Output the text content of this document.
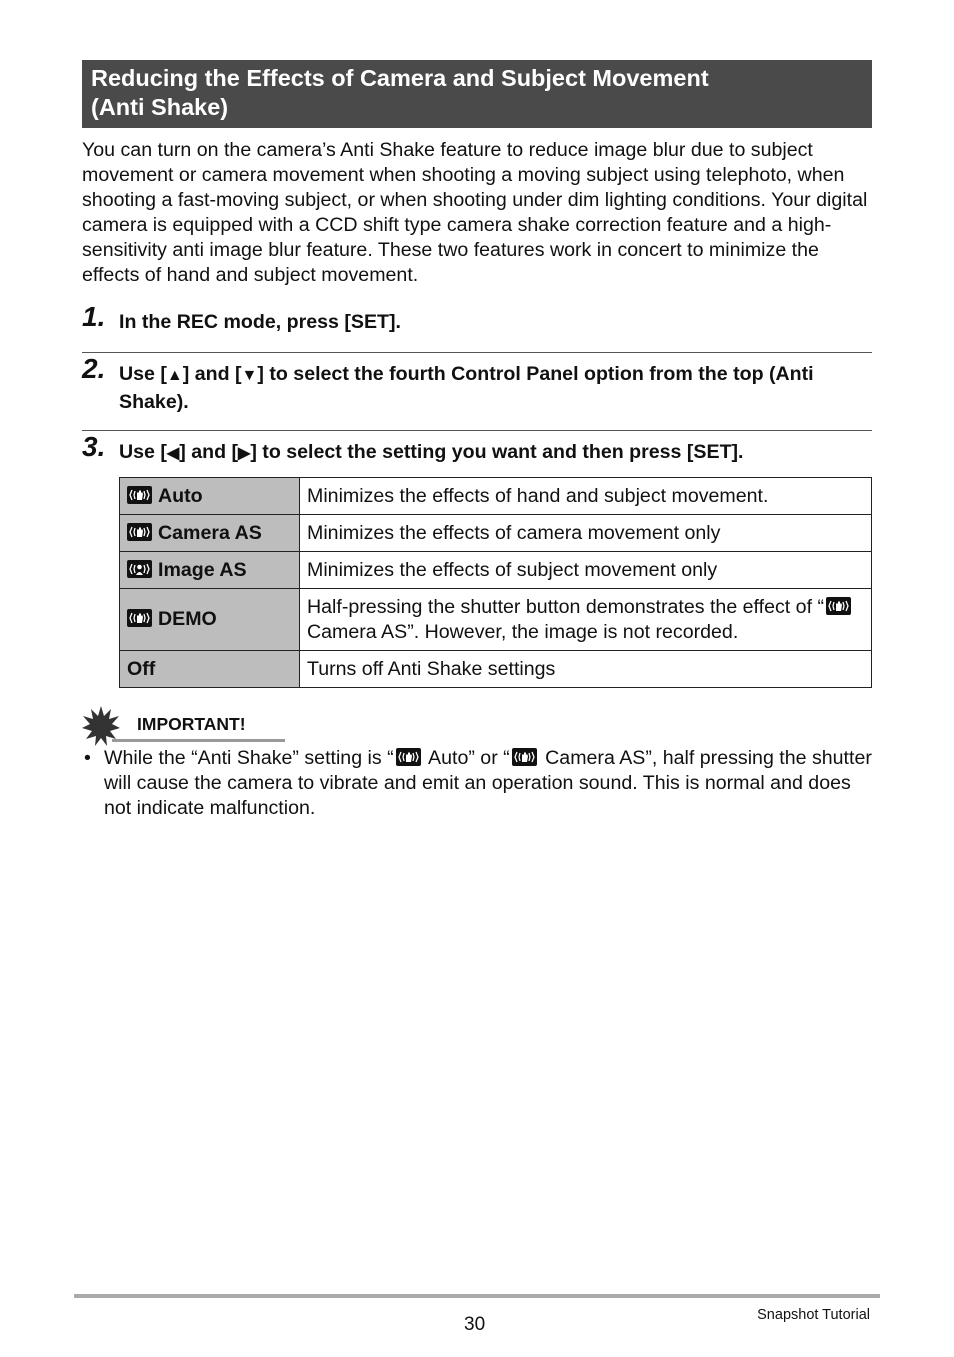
Reducing the Effects of Camera and Subject Movement
(Anti Shake)

You can turn on the camera’s Anti Shake feature to reduce image blur due to subject movement or camera movement when shooting a moving subject using telephoto, when shooting a fast-moving subject, or when shooting under dim lighting conditions. Your digital camera is equipped with a CCD shift type camera shake correction feature and a high-sensitivity anti image blur feature. These two features work in concert to minimize the effects of hand and subject movement.

1. In the REC mode, press [SET].
2. Use [▲] and [▼] to select the fourth Control Panel option from the top (Anti Shake).
3. Use [◀] and [▶] to select the setting you want and then press [SET].
Auto	Minimizes the effects of hand and subject movement.

Camera AS	Minimizes the effects of camera movement only

Image AS	Minimizes the effects of subject movement only

DEMO	Half-pressing the shutter button demonstrates the effect of “
Camera AS”. However, the image is not recorded.
Off	Turns off Anti Shake settings
IMPORTANT!

• While the “Anti Shake” setting is “
Auto” or “
Camera AS”, half pressing the shutter will cause the camera to vibrate and emit an operation sound. This is normal and does not indicate malfunction.

30	Snapshot Tutorial
